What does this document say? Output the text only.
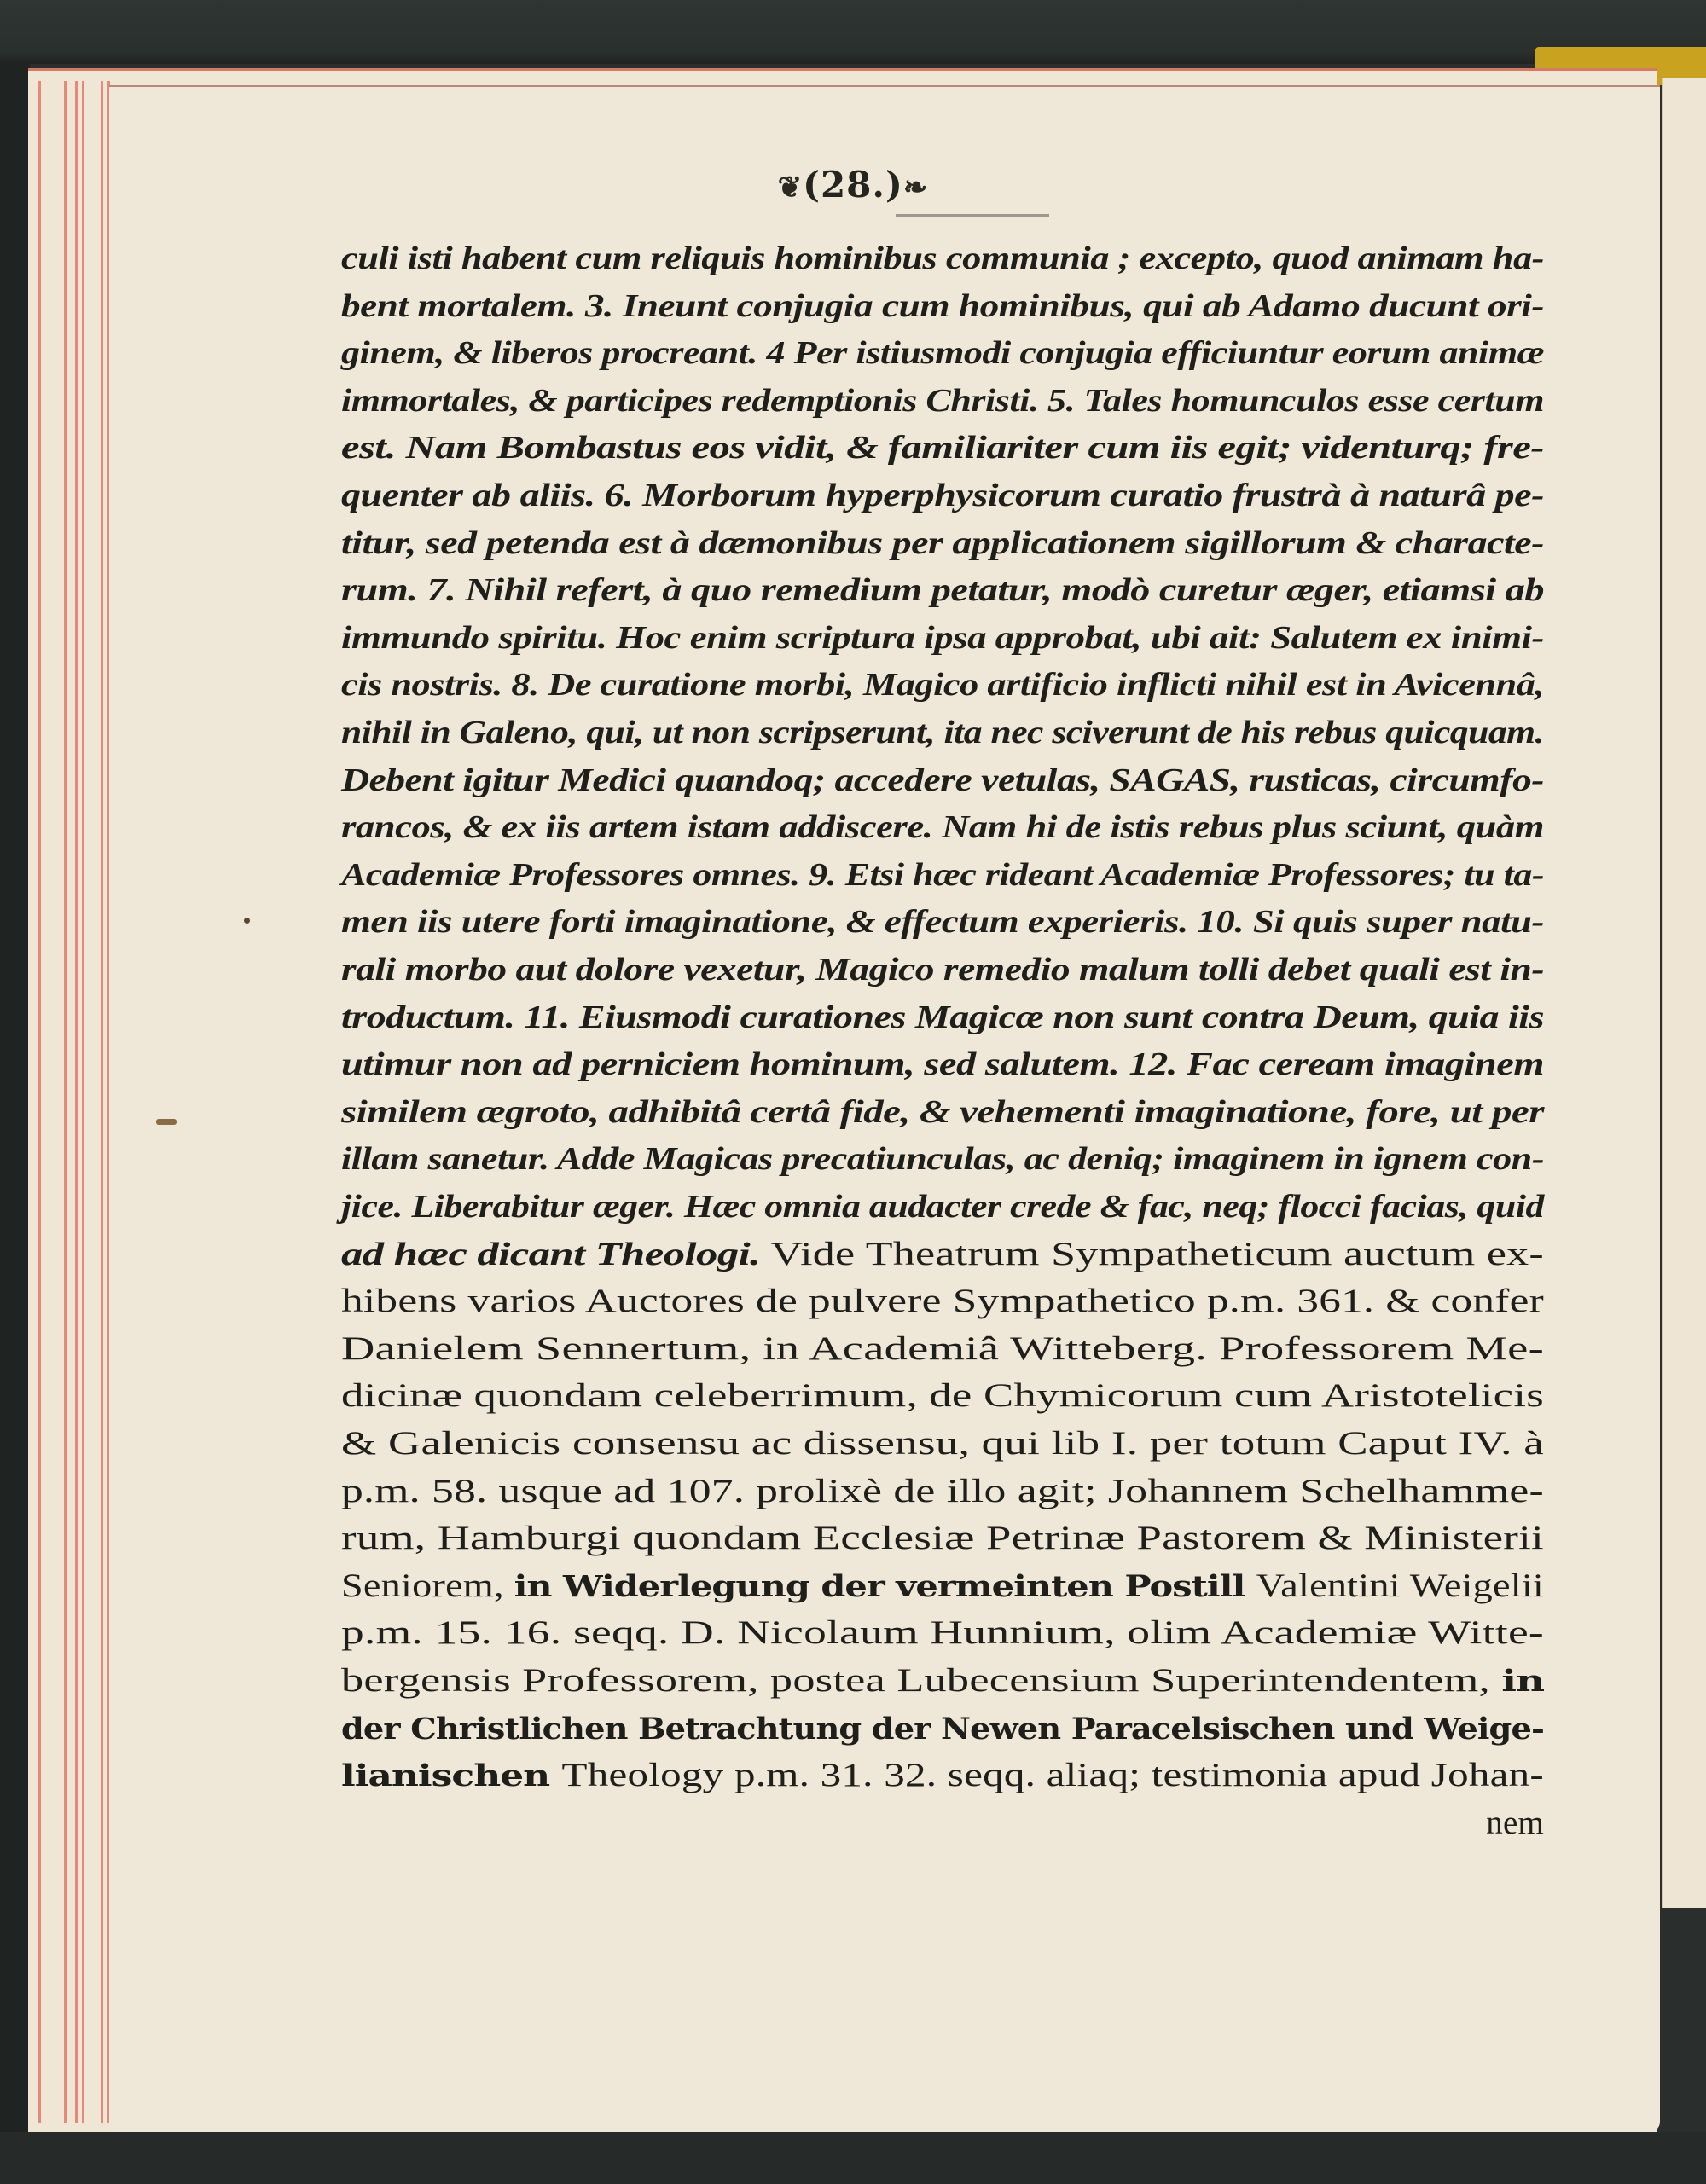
❦(28.)❧
culi isti habent cum reliquis hominibus communia ; excepto, quod animam ha-
bent mortalem. 3. Ineunt conjugia cum hominibus, qui ab Adamo ducunt ori-
ginem, & liberos procreant. 4 Per istiusmodi conjugia efficiuntur eorum animæ
immortales, & participes redemptionis Christi. 5. Tales homunculos esse certum
est. Nam Bombastus eos vidit, & familiariter cum iis egit; videnturq; fre-
quenter ab aliis. 6. Morborum hyperphysicorum curatio frustrà à naturâ pe-
titur, sed petenda est à dæmonibus per applicationem sigillorum & characte-
rum. 7. Nihil refert, à quo remedium petatur, modò curetur æger, etiamsi ab
immundo spiritu. Hoc enim scriptura ipsa approbat, ubi ait: Salutem ex inimi-
cis nostris. 8. De curatione morbi, Magico artificio inflicti nihil est in Avicennâ,
nihil in Galeno, qui, ut non scripserunt, ita nec sciverunt de his rebus quicquam.
Debent igitur Medici quandoq; accedere vetulas, SAGAS, rusticas, circumfo-
rancos, & ex iis artem istam addiscere. Nam hi de istis rebus plus sciunt, quàm
Academiæ Professores omnes. 9. Etsi hæc rideant Academiæ Professores; tu ta-
men iis utere forti imaginatione, & effectum experieris. 10. Si quis super natu-
rali morbo aut dolore vexetur, Magico remedio malum tolli debet quali est in-
troductum. 11. Eiusmodi curationes Magicæ non sunt contra Deum, quia iis
utimur non ad perniciem hominum, sed salutem. 12. Fac ceream imaginem
similem ægroto, adhibitâ certâ fide, & vehementi imaginatione, fore, ut per
illam sanetur. Adde Magicas precatiunculas, ac deniq; imaginem in ignem con-
jice. Liberabitur æger. Hæc omnia audacter crede & fac, neq; flocci facias, quid
ad hæc dicant Theologi. Vide Theatrum Sympatheticum auctum ex-
hibens varios Auctores de pulvere Sympathetico p.m. 361. & confer
Danielem Sennertum, in Academiâ Witteberg. Professorem Me-
dicinæ quondam celeberrimum, de Chymicorum cum Aristotelicis
& Galenicis consensu ac dissensu, qui lib I. per totum Caput IV. à
p.m. 58. usque ad 107. prolixè de illo agit; Johannem Schelhamme-
rum, Hamburgi quondam Ecclesiæ Petrinæ Pastorem & Ministerii
Seniorem, in Widerlegung der vermeinten Postill Valentini Weigelii
p.m. 15. 16. seqq. D. Nicolaum Hunnium, olim Academiæ Witte-
bergensis Professorem, postea Lubecensium Superintendentem, in
der Christlichen Betrachtung der Newen Paracelsischen und Weige-
lianischen Theology p.m. 31. 32. seqq. aliaq; testimonia apud Johan-
nem
